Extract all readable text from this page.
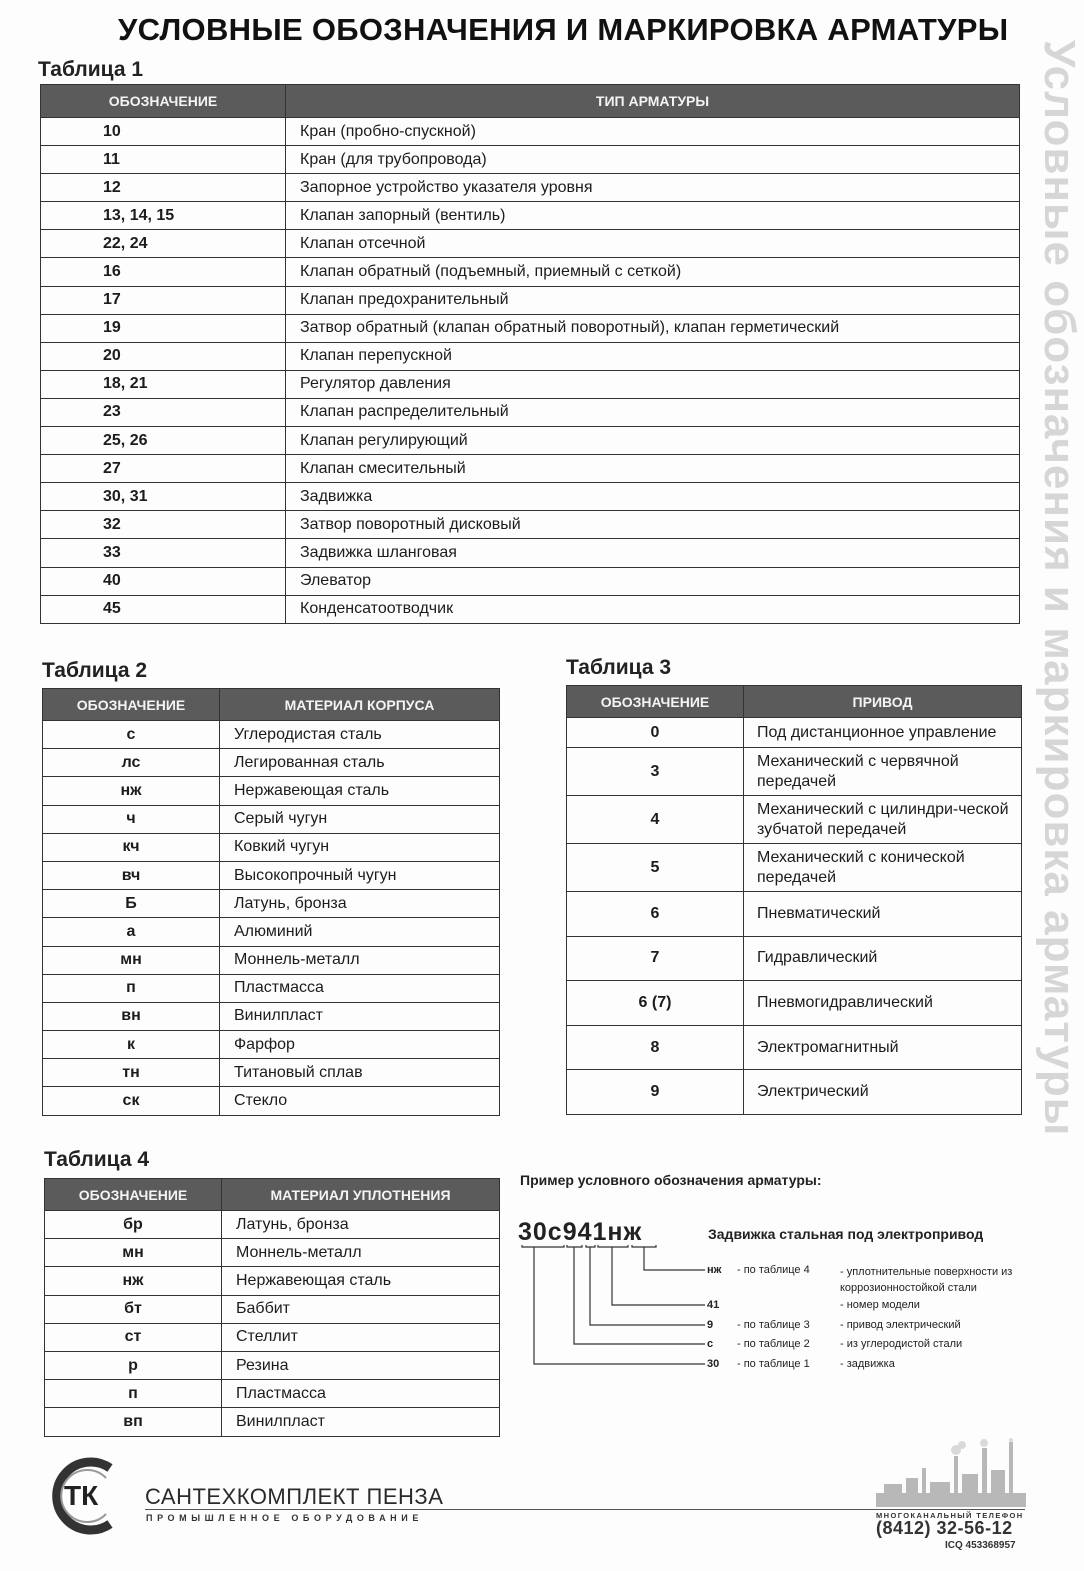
УСЛОВНЫЕ ОБОЗНАЧЕНИЯ И МАРКИРОВКА АРМАТУРЫ
Условные обозначения и маркировка арматуры
Таблица 1
ОБОЗНАЧЕНИЕ	ТИП АРМАТУРЫ
10	Кран (пробно-спускной)
11	Кран (для трубопровода)
12	Запорное устройство указателя уровня
13, 14, 15	Клапан запорный (вентиль)
22, 24	Клапан отсечной
16	Клапан обратный (подъемный, приемный с сеткой)
17	Клапан предохранительный
19	Затвор обратный (клапан обратный поворотный), клапан герметический
20	Клапан перепускной
18, 21	Регулятор давления
23	Клапан распределительный
25, 26	Клапан регулирующий
27	Клапан смесительный
30, 31	Задвижка
32	Затвор поворотный дисковый
33	Задвижка шланговая
40	Элеватор
45	Конденсатоотводчик
Таблица 2
ОБОЗНАЧЕНИЕ	МАТЕРИАЛ КОРПУСА
с	Углеродистая сталь
лс	Легированная сталь
нж	Нержавеющая сталь
ч	Серый чугун
кч	Ковкий чугун
вч	Высокопрочный чугун
Б	Латунь, бронза
а	Алюминий
мн	Моннель-металл
п	Пластмасса
вн	Винилпласт
к	Фарфор
тн	Титановый сплав
ск	Стекло
Таблица 3
ОБОЗНАЧЕНИЕ	ПРИВОД
0	Под дистанционное управление
3	Механический с червячной передачей
4	Механический с цилиндри-ческой зубчатой передачей
5	Механический с конической передачей
6	Пневматический
7	Гидравлический
6 (7)	Пневмогидравлический
8	Электромагнитный
9	Электрический
Таблица 4
ОБОЗНАЧЕНИЕ	МАТЕРИАЛ УПЛОТНЕНИЯ
бр	Латунь, бронза
мн	Моннель-металл
нж	Нержавеющая сталь
бт	Баббит
ст	Стеллит
р	Резина
п	Пластмасса
вп	Винилпласт
Пример условного обозначения арматуры:
30с941нж	Задвижка стальная под электропривод
нж - по таблице 4	- уплотнительные поверхности из коррозионностойкой стали
41	- номер модели
9 - по таблице 3	- привод электрический
с - по таблице 2	- из углеродистой стали
30 - по таблице 1	- задвижка
ТК САНТЕХКОМПЛЕКТ ПЕНЗА
ПРОМЫШЛЕННОЕ ОБОРУДОВАНИЕ	МНОГОКАНАЛЬНЫЙ ТЕЛЕФОН
(8412) 32-56-12
ICQ 453368957
